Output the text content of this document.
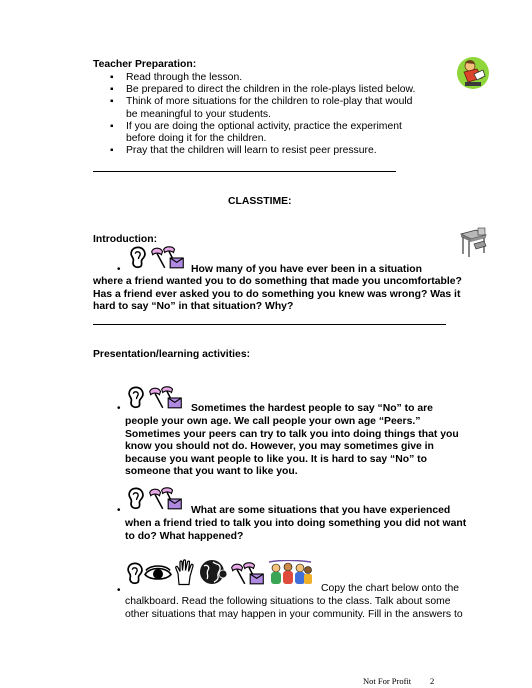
Teacher Preparation:
▪ Read through the lesson.
▪ Be prepared to direct the children in the role-plays listed below.
▪ Think of more situations for the children to role-play that would
be meaningful to your students.
▪ If you are doing the optional activity, practice the experiment
before doing it for the children.
▪ Pray that the children will learn to resist peer pressure.
CLASSTIME:
Introduction:
•	How many of you have ever been in a situation
where a friend wanted you to do something that made you uncomfortable?
Has a friend ever asked you to do something you knew was wrong? Was it
hard to say “No” in that situation? Why?
Presentation/learning activities:
•	Sometimes the hardest people to say “No” to are
people your own age. We call people your own age “Peers.”
Sometimes your peers can try to talk you into doing things that you
know you should not do. However, you may sometimes give in
because you want people to like you. It is hard to say “No” to
someone that you want to like you.
•	What are some situations that you have experienced
when a friend tried to talk you into doing something you did not want
to do? What happened?
•	Copy the chart below onto the
chalkboard. Read the following situations to the class. Talk about some
other situations that may happen in your community. Fill in the answers to
Not For Profit 2
